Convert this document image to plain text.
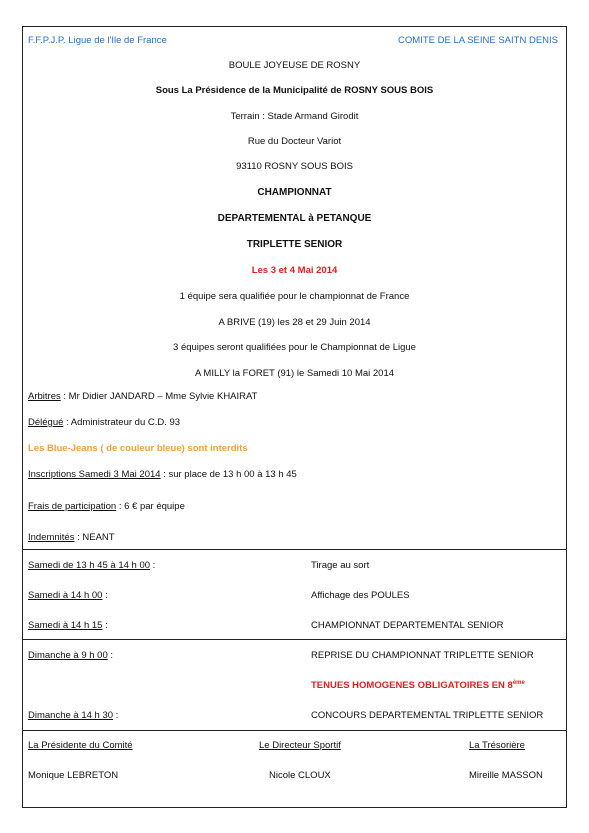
F.F.P.J.P. Ligue de l'Ile de France	COMITE DE LA SEINE SAITN DENIS
BOULE JOYEUSE DE ROSNY
Sous La Présidence de la Municipalité de ROSNY SOUS BOIS
Terrain : Stade Armand Girodit
Rue du Docteur Variot
93110 ROSNY SOUS BOIS
CHAMPIONNAT
DEPARTEMENTAL à PETANQUE
TRIPLETTE SENIOR
Les 3 et 4 Mai 2014
1 équipe sera qualifiée pour le championnat de France
A BRIVE (19) les 28 et 29 Juin 2014
3 équipes seront qualifiées pour le Championnat de Ligue
A MILLY la FORET (91) le Samedi 10 Mai 2014
Arbitres : Mr Didier JANDARD – Mme Sylvie KHAIRAT
Délégué : Administrateur du C.D. 93
Les Blue-Jeans ( de couleur bleue) sont interdits
Inscriptions Samedi 3 Mai 2014 : sur place de 13 h 00 à 13 h 45
Frais de participation : 6 € par équipe
Indemnités : NEANT
Samedi de 13 h 45 à 14 h 00 :	Tirage au sort
Samedi à 14 h 00 :	Affichage des POULES
Samedi à 14 h 15 :	CHAMPIONNAT DEPARTEMENTAL SENIOR
Dimanche à 9 h 00 :	REPRISE DU CHAMPIONNAT TRIPLETTE SENIOR
TENUES HOMOGENES OBLIGATOIRES EN 8ème
Dimanche à 14 h 30 :	CONCOURS DEPARTEMENTAL TRIPLETTE SENIOR
La Présidente du Comité	Le Directeur Sportif	La Trésorière
Monique LEBRETON	Nicole CLOUX	Mireille MASSON
